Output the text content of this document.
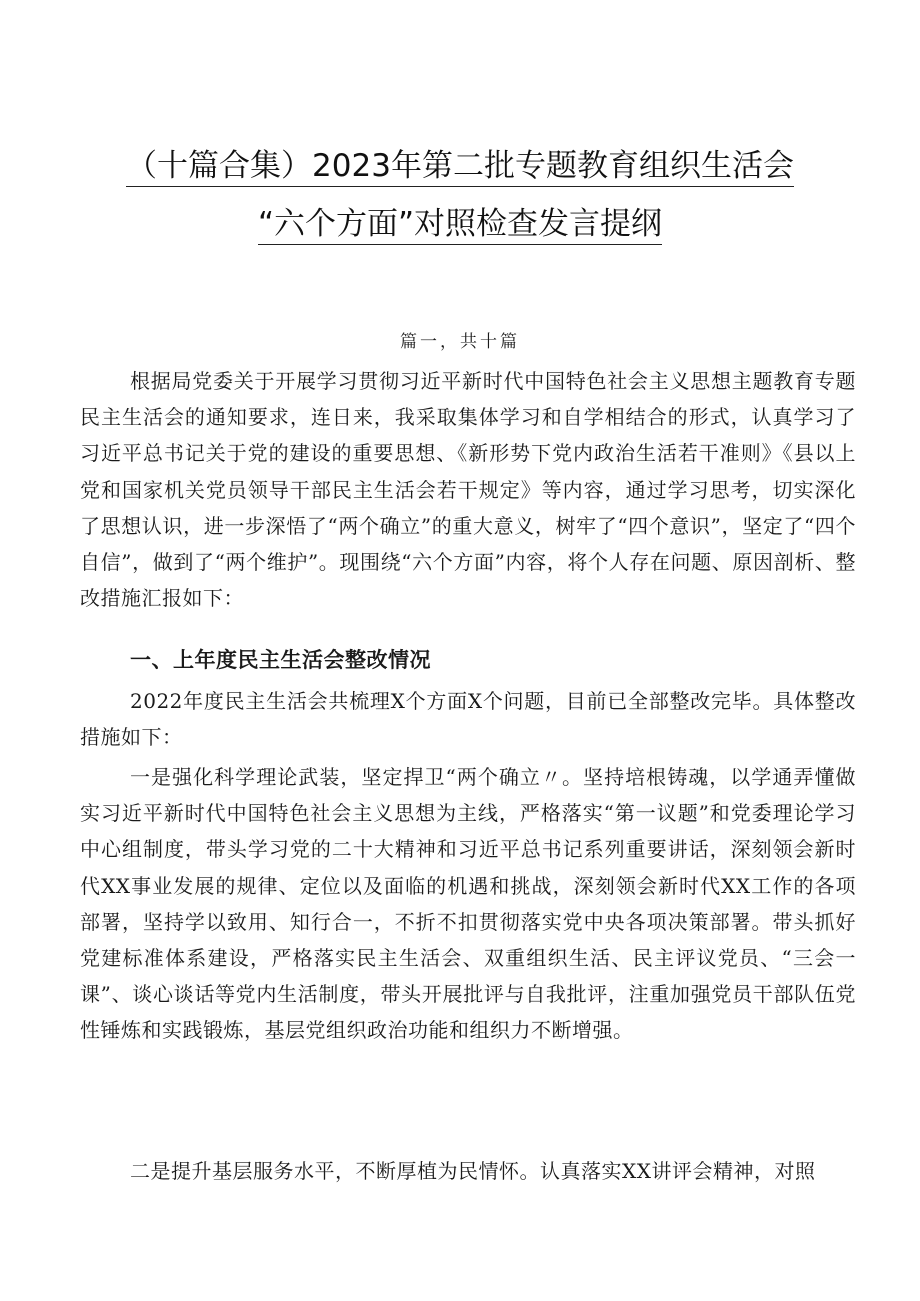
（十篇合集）2023年第二批专题教育组织生活会
“六个方面”对照检查发言提纲
篇一，共十篇

根据局党委关于开展学习贯彻习近平新时代中国特色社会主义思想主题教育专题民主生活会的通知要求，连日来，我采取集体学习和自学相结合的形式，认真学习了习近平总书记关于党的建设的重要思想、《新形势下党内政治生活若干准则》《县以上党和国家机关党员领导干部民主生活会若干规定》等内容，通过学习思考，切实深化了思想认识，进一步深悟了“两个确立”的重大意义，树牢了“四个意识”，坚定了“四个自信”，做到了“两个维护”。现围绕“六个方面”内容，将个人存在问题、原因剖析、整改措施汇报如下：

一、上年度民主生活会整改情况

2022年度民主生活会共梳理X个方面X个问题，目前已全部整改完毕。具体整改措施如下：

一是强化科学理论武装，坚定捍卫“两个确立〃。坚持培根铸魂，以学通弄懂做实习近平新时代中国特色社会主义思想为主线，严格落实“第一议题”和党委理论学习中心组制度，带头学习党的二十大精神和习近平总书记系列重要讲话，深刻领会新时代XX事业发展的规律、定位以及面临的机遇和挑战，深刻领会新时代XX工作的各项部署，坚持学以致用、知行合一，不折不扣贯彻落实党中央各项决策部署。带头抓好党建标准体系建设，严格落实民主生活会、双重组织生活、民主评议党员、“三会一课”、谈心谈话等党内生活制度，带头开展批评与自我批评，注重加强党员干部队伍党性锤炼和实践锻炼，基层党组织政治功能和组织力不断增强。

二是提升基层服务水平，不断厚植为民情怀。认真落实XX讲评会精神，对照
